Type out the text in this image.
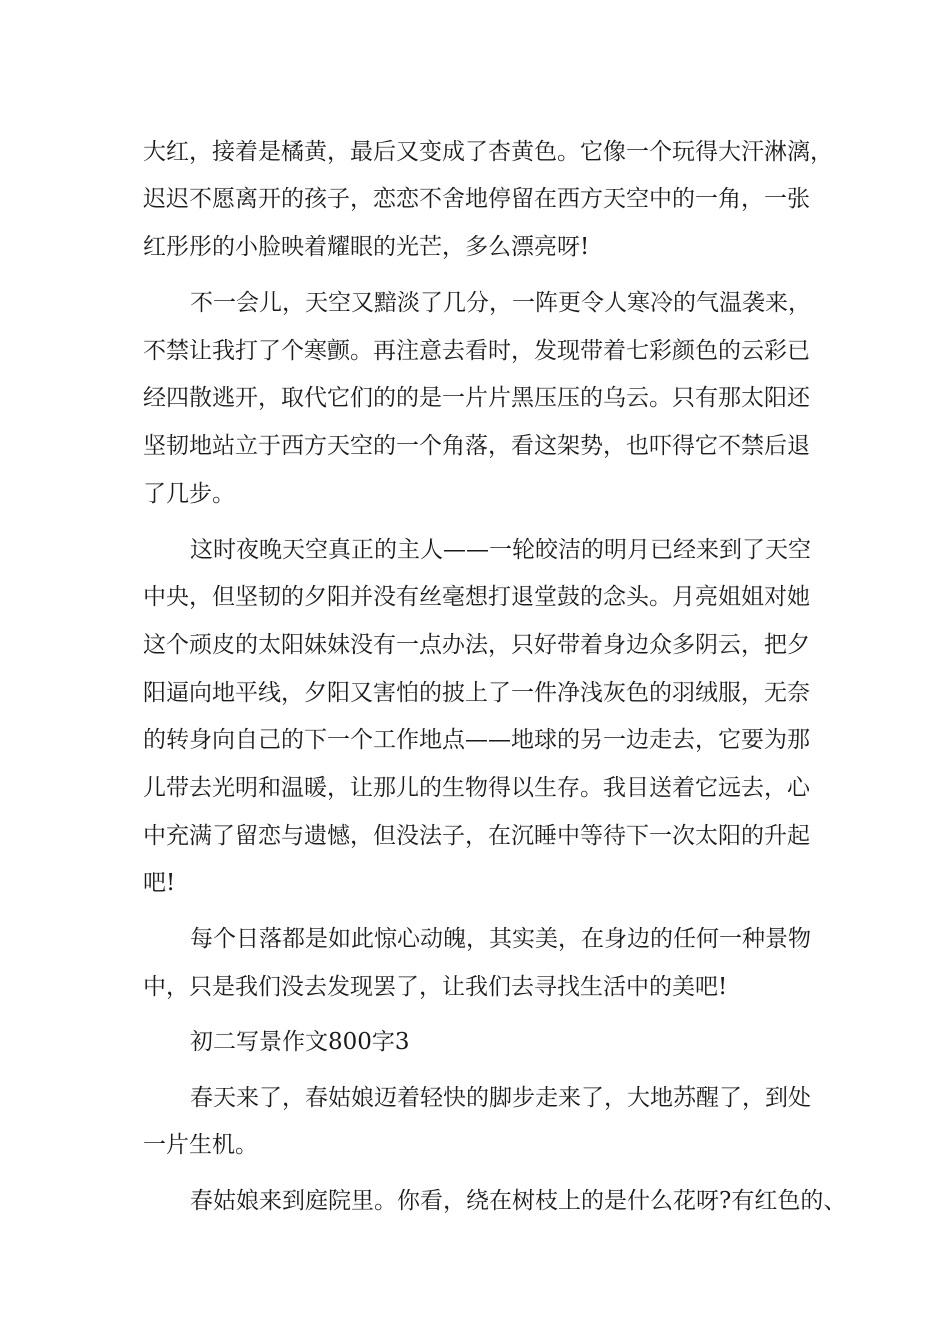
大红，接着是橘黄，最后又变成了杏黄色。它像一个玩得大汗淋漓，

迟迟不愿离开的孩子，恋恋不舍地停留在西方天空中的一角，一张

红彤彤的小脸映着耀眼的光芒，多么漂亮呀!

不一会儿，天空又黯淡了几分，一阵更令人寒冷的气温袭来，

不禁让我打了个寒颤。再注意去看时，发现带着七彩颜色的云彩已

经四散逃开，取代它们的的是一片片黑压压的乌云。只有那太阳还

坚韧地站立于西方天空的一个角落，看这架势，也吓得它不禁后退

了几步。

这时夜晚天空真正的主人——一轮皎洁的明月已经来到了天空

中央，但坚韧的夕阳并没有丝毫想打退堂鼓的念头。月亮姐姐对她

这个顽皮的太阳妹妹没有一点办法，只好带着身边众多阴云，把夕

阳逼向地平线，夕阳又害怕的披上了一件净浅灰色的羽绒服，无奈

的转身向自己的下一个工作地点——地球的另一边走去，它要为那

儿带去光明和温暖，让那儿的生物得以生存。我目送着它远去，心

中充满了留恋与遗憾，但没法子，在沉睡中等待下一次太阳的升起

吧!

每个日落都是如此惊心动魄，其实美，在身边的任何一种景物

中，只是我们没去发现罢了，让我们去寻找生活中的美吧!

初二写景作文800字3

春天来了，春姑娘迈着轻快的脚步走来了，大地苏醒了，到处

一片生机。

春姑娘来到庭院里。你看，绕在树枝上的是什么花呀?有红色的、
